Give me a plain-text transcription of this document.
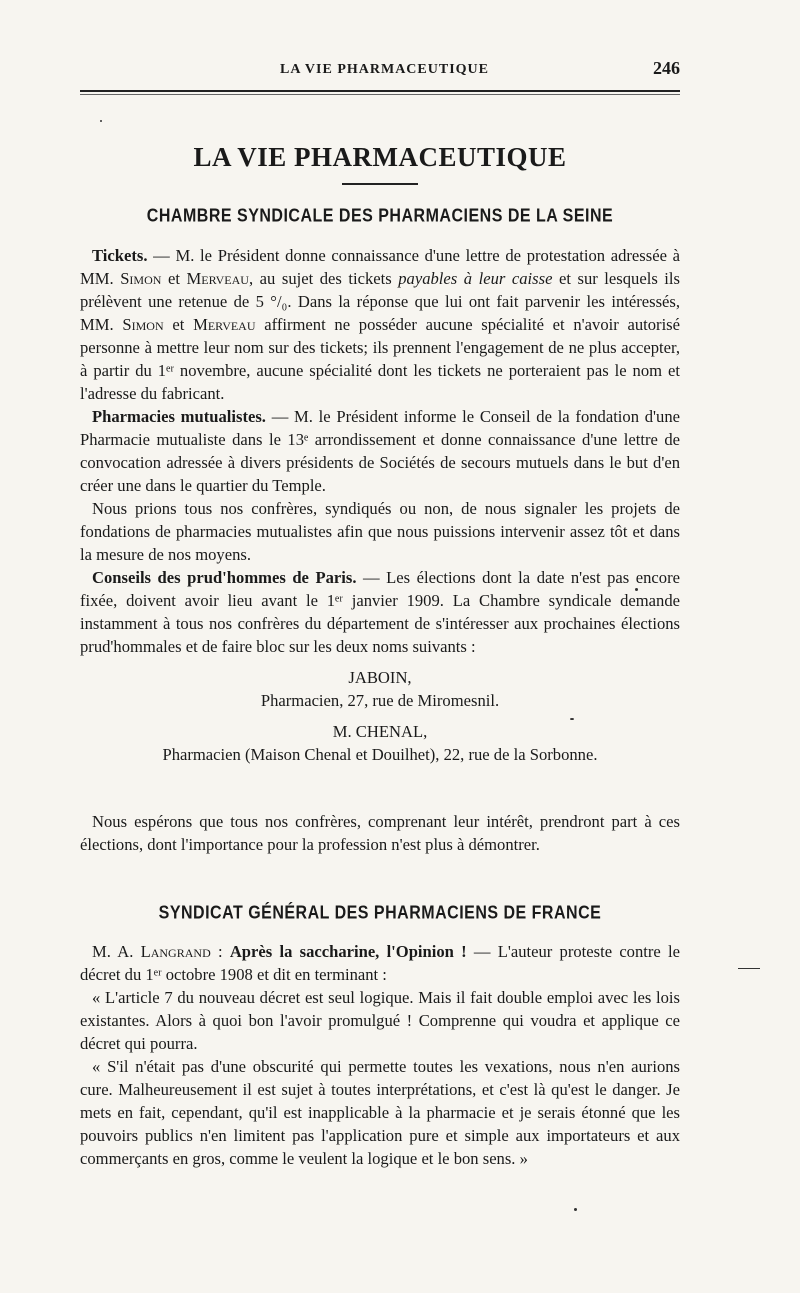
LA VIE PHARMACEUTIQUE	246
LA VIE PHARMACEUTIQUE
CHAMBRE SYNDICALE DES PHARMACIENS DE LA SEINE

Tickets. — M. le Président donne connaissance d'une lettre de protestation adressée à MM. Simon et Merveau, au sujet des tickets payables à leur caisse et sur lesquels ils prélèvent une retenue de 5 °/₀. Dans la réponse que lui ont fait parvenir les intéressés, MM. Simon et Merveau affirment ne posséder aucune spécialité et n'avoir autorisé personne à mettre leur nom sur des tickets; ils prennent l'engagement de ne plus accepter, à partir du 1ᵉʳ novembre, aucune spécialité dont les tickets ne porteraient pas le nom et l'adresse du fabricant.

Pharmacies mutualistes. — M. le Président informe le Conseil de la fondation d'une Pharmacie mutualiste dans le 13ᵉ arrondissement et donne connaissance d'une lettre de convocation adressée à divers présidents de Sociétés de secours mutuels dans le but d'en créer une dans le quartier du Temple.

Nous prions tous nos confrères, syndiqués ou non, de nous signaler les projets de fondations de pharmacies mutualistes afin que nous puissions intervenir assez tôt et dans la mesure de nos moyens.

Conseils des prud'hommes de Paris. — Les élections dont la date n'est pas encore fixée, doivent avoir lieu avant le 1ᵉʳ janvier 1909. La Chambre syndicale demande instamment à tous nos confrères du département de s'intéresser aux prochaines élections prud'hommales et de faire bloc sur les deux noms suivants :

JABOIN,

Pharmacien, 27, rue de Miromesnil.

M. CHENAL,

Pharmacien (Maison Chenal et Douilhet), 22, rue de la Sorbonne.

Nous espérons que tous nos confrères, comprenant leur intérêt, prendront part à ces élections, dont l'importance pour la profession n'est plus à démontrer.

SYNDICAT GÉNÉRAL DES PHARMACIENS DE FRANCE

M. A. Langrand : Après la saccharine, l'Opinion ! — L'auteur proteste contre le décret du 1ᵉʳ octobre 1908 et dit en terminant :

« L'article 7 du nouveau décret est seul logique. Mais il fait double emploi avec les lois existantes. Alors à quoi bon l'avoir promulgué ! Comprenne qui voudra et applique ce décret qui pourra.

« S'il n'était pas d'une obscurité qui permette toutes les vexations, nous n'en aurions cure. Malheureusement il est sujet à toutes interprétations, et c'est là qu'est le danger. Je mets en fait, cependant, qu'il est inapplicable à la pharmacie et je serais étonné que les pouvoirs publics n'en limitent pas l'application pure et simple aux importateurs et aux commerçants en gros, comme le veulent la logique et le bon sens. »
